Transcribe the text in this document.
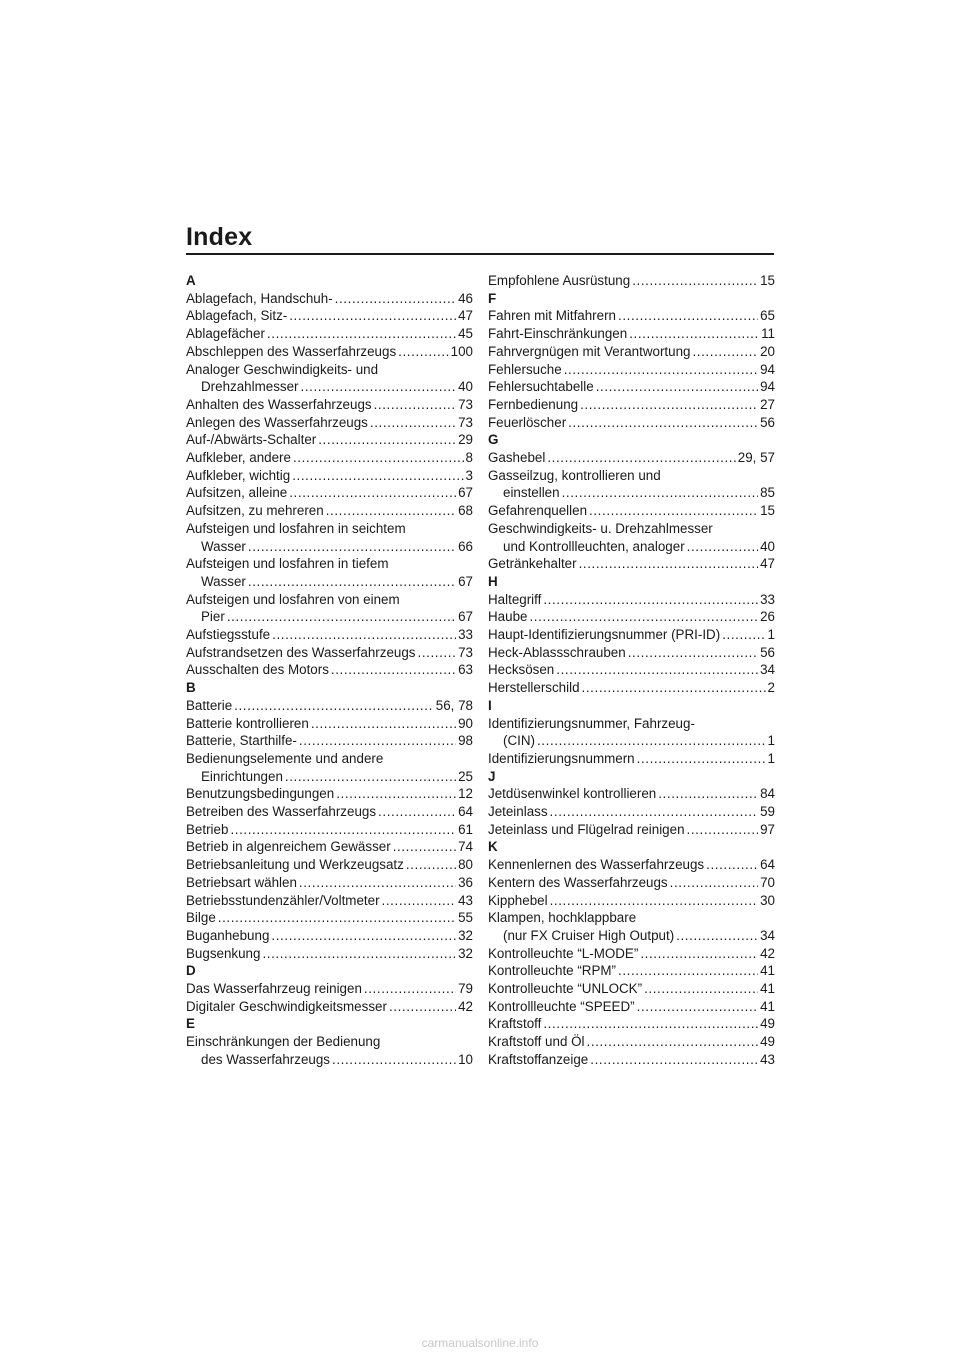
Index
A
Ablagefach, Handschuh- .....	46
Ablagefach, Sitz- .....	47
Ablagefächer .....	45
Abschleppen des Wasserfahrzeugs .....	100
Analoger Geschwindigkeits- und
Drehzahlmesser .....	40
Anhalten des Wasserfahrzeugs .....	73
Anlegen des Wasserfahrzeugs .....	73
Auf-/Abwärts-Schalter .....	29
Aufkleber, andere .....	8
Aufkleber, wichtig .....	3
Aufsitzen, alleine .....	67
Aufsitzen, zu mehreren .....	68
Aufsteigen und losfahren in seichtem
Wasser .....	66
Aufsteigen und losfahren in tiefem
Wasser .....	67
Aufsteigen und losfahren von einem
Pier .....	67
Aufstiegsstufe .....	33
Aufstrandsetzen des Wasserfahrzeugs .....	73
Ausschalten des Motors .....	63
B
Batterie .....	56, 78
Batterie kontrollieren .....	90
Batterie, Starthilfe- .....	98
Bedienungselemente und andere
Einrichtungen .....	25
Benutzungsbedingungen .....	12
Betreiben des Wasserfahrzeugs .....	64
Betrieb .....	61
Betrieb in algenreichem Gewässer .....	74
Betriebsanleitung und Werkzeugsatz .....	80
Betriebsart wählen .....	36
Betriebsstundenzähler/Voltmeter .....	43
Bilge .....	55
Buganhebung .....	32
Bugsenkung .....	32
D
Das Wasserfahrzeug reinigen .....	79
Digitaler Geschwindigkeitsmesser .....	42
E
Einschränkungen der Bedienung
des Wasserfahrzeugs .....	10
Empfohlene Ausrüstung .....	15
F
Fahren mit Mitfahrern .....	65
Fahrt-Einschränkungen .....	11
Fahrvergnügen mit Verantwortung .....	20
Fehlersuche .....	94
Fehlersuchtabelle .....	94
Fernbedienung .....	27
Feuerlöscher .....	56
G
Gashebel .....	29, 57
Gasseilzug, kontrollieren und
einstellen .....	85
Gefahrenquellen .....	15
Geschwindigkeits- u. Drehzahlmesser
und Kontrollleuchten, analoger .....	40
Getränkehalter .....	47
H
Haltegriff .....	33
Haube .....	26
Haupt-Identifizierungsnummer (PRI-ID) .....	1
Heck-Ablassschrauben .....	56
Hecksösen .....	34
Herstellerschild .....	2
I
Identifizierungsnummer, Fahrzeug-
(CIN) .....	1
Identifizierungsnummern .....	1
J
Jetdüsenwinkel kontrollieren .....	84
Jeteinlass .....	59
Jeteinlass und Flügelrad reinigen .....	97
K
Kennenlernen des Wasserfahrzeugs .....	64
Kentern des Wasserfahrzeugs .....	70
Kipphebel .....	30
Klampen, hochklappbare
(nur FX Cruiser High Output) .....	34
Kontrolleuchte “L-MODE” .....	42
Kontrolleuchte “RPM” .....	41
Kontrolleuchte “UNLOCK” .....	41
Kontrollleuchte “SPEED” .....	41
Kraftstoff .....	49
Kraftstoff und Öl .....	49
Kraftstoffanzeige .....	43
carmanualsonline.info
